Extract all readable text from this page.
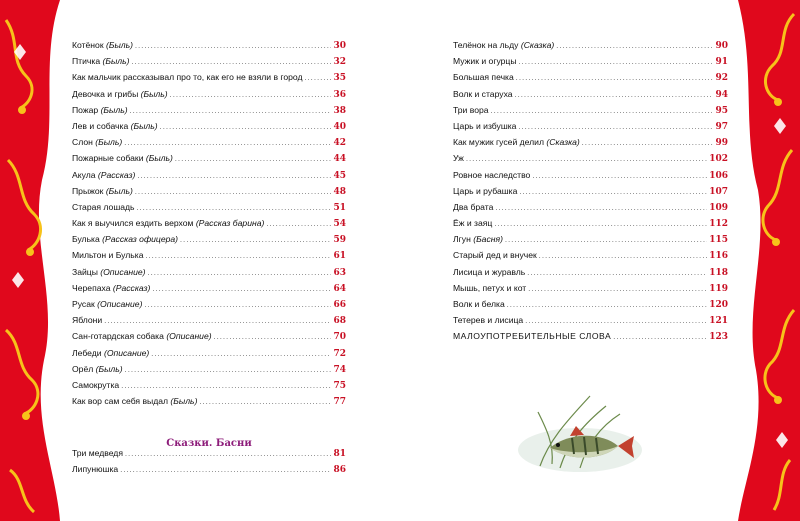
Котёнок (Быль) .....	30
Птичка (Быль) .....	32
Как мальчик рассказывал про то, как его не взяли в город .....	35
Девочка и грибы (Быль) .....	36
Пожар (Быль) .....	38
Лев и собачка (Быль) .....	40
Слон (Быль) .....	42
Пожарные собаки (Быль) .....	44
Акула (Рассказ) .....	45
Прыжок (Быль) .....	48
Старая лошадь .....	51
Как я выучился ездить верхом (Рассказ барина) .....	54
Булька (Рассказ офицера) .....	59
Мильтон и Булька .....	61
Зайцы (Описание) .....	63
Черепаха (Рассказ) .....	64
Русак (Описание) .....	66
Яблони .....	68
Сан-готардская собака (Описание) .....	70
Лебеди (Описание) .....	72
Орёл (Быль) .....	74
Самокрутка .....	75
Как вор сам себя выдал (Быль) .....	77
Сказки. Басни
Три медведя .....	81
Липунюшка .....	86
Телёнок на льду (Сказка) .....	90
Мужик и огурцы .....	91
Большая печка .....	92
Волк и старуха .....	94
Три вора .....	95
Царь и избушка .....	97
Как мужик гусей делил (Сказка) .....	99
Уж .....	102
Ровное наследство .....	106
Царь и рубашка .....	107
Два брата .....	109
Ёж и заяц .....	112
Лгун (Басня) .....	115
Старый дед и внучек .....	116
Лисица и журавль .....	118
Мышь, петух и кот .....	119
Волк и белка .....	120
Тетерев и лисица .....	121
МАЛОУПОТРЕБИТЕЛЬНЫЕ СЛОВА .....	123
